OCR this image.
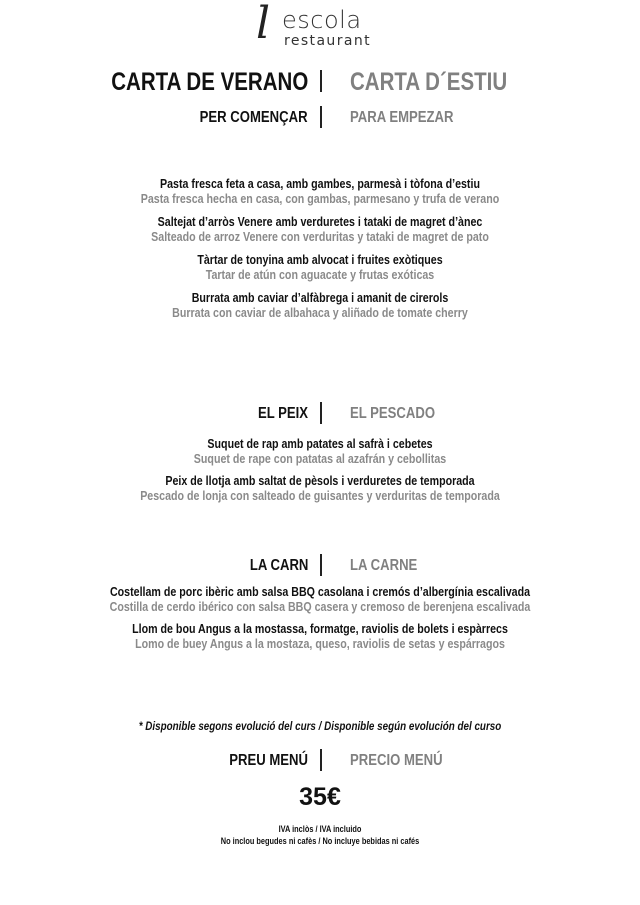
l escola
restaurant
CARTA DE VERANO CARTA D´ESTIU
PER COMENÇAR	PARA EMPEZAR
Pasta fresca feta a casa, amb gambes, parmesà i tòfona d’estiu
Pasta fresca hecha en casa, con gambas, parmesano y trufa de verano
Saltejat d’arròs Venere amb verduretes i tataki de magret d’ànec
Salteado de arroz Venere con verduritas y tataki de magret de pato
Tàrtar de tonyina amb alvocat i fruites exòtiques
Tartar de atún con aguacate y frutas exóticas
Burrata amb caviar d’alfàbrega i amanit de cirerols
Burrata con caviar de albahaca y aliñado de tomate cherry
EL PEIX	EL PESCADO
Suquet de rap amb patates al safrà i cebetes
Suquet de rape con patatas al azafrán y cebollitas
Peix de llotja amb saltat de pèsols i verduretes de temporada
Pescado de lonja con salteado de guisantes y verduritas de temporada
LA CARN	LA CARNE
Costellam de porc ibèric amb salsa BBQ casolana i cremós d’albergínia escalivada
Costilla de cerdo ibérico con salsa BBQ casera y cremoso de berenjena escalivada
Llom de bou Angus a la mostassa, formatge, raviolis de bolets i espàrrecs
Lomo de buey Angus a la mostaza, queso, raviolis de setas y espárragos
* Disponible segons evolució del curs / Disponible según evolución del curso
PREU MENÚ	PRECIO MENÚ
35€
IVA inclòs / IVA incluido
No inclou begudes ni cafès / No incluye bebidas ni cafés
